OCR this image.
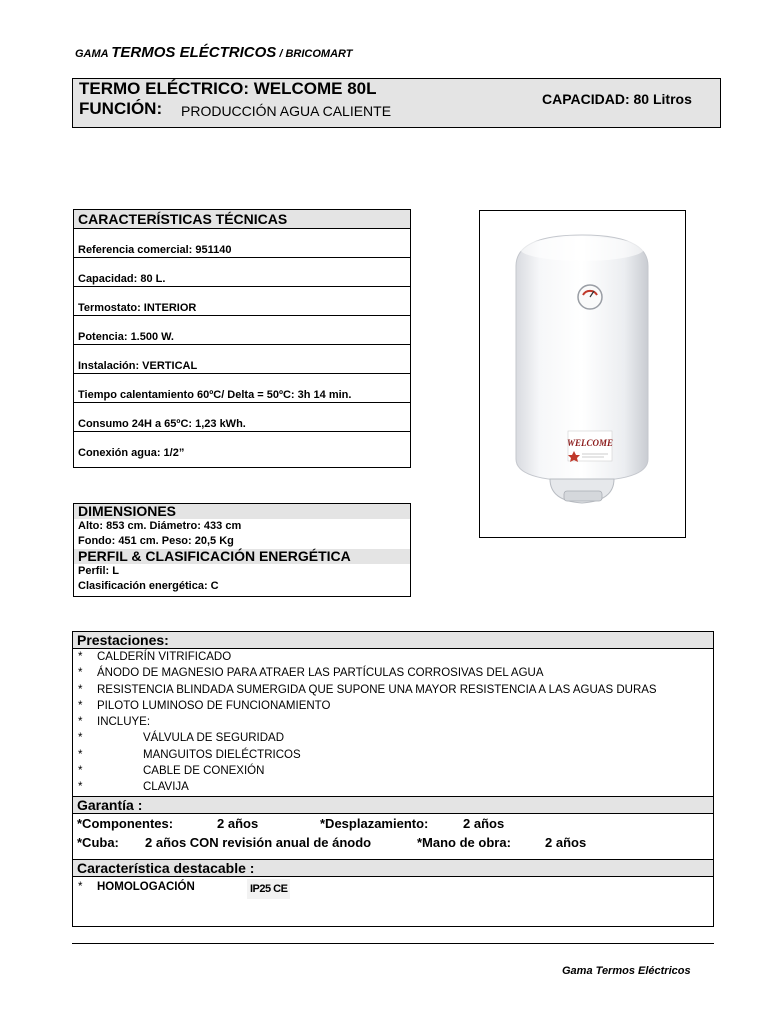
GAMA TERMOS ELÉCTRICOS / BRICOMART
TERMO ELÉCTRICO: WELCOME 80L
FUNCIÓN: PRODUCCIÓN AGUA CALIENTE
CAPACIDAD: 80 Litros
CARACTERÍSTICAS TÉCNICAS
Referencia comercial: 951140
Capacidad: 80 L.
Termostato: INTERIOR
Potencia: 1.500 W.
Instalación: VERTICAL
Tiempo calentamiento 60ºC/ Delta = 50ºC: 3h 14 min.
Consumo 24H a 65ºC: 1,23 kWh.
Conexión agua: 1/2”
DIMENSIONES
Alto: 853 cm. Diámetro: 433 cm
Fondo: 451 cm. Peso: 20,5 Kg
PERFIL & CLASIFICACIÓN ENERGÉTICA
Perfil: L
Clasificación energética: C
WELCOME
Prestaciones:
* CALDERÍN VITRIFICADO
* ÁNODO DE MAGNESIO PARA ATRAER LAS PARTÍCULAS CORROSIVAS DEL AGUA
* RESISTENCIA BLINDADA SUMERGIDA QUE SUPONE UNA MAYOR RESISTENCIA A LAS AGUAS DURAS
* PILOTO LUMINOSO DE FUNCIONAMIENTO
* INCLUYE:
*	VÁLVULA DE SEGURIDAD
*	MANGUITOS DIELÉCTRICOS
*	CABLE DE CONEXIÓN
*	CLAVIJA
Garantía :
*Componentes:	2 años	*Desplazamiento:	2 años
*Cuba: 2 años CON revisión anual de ánodo	*Mano de obra:	2 años
Característica destacable :
* HOMOLOGACIÓN	IP25 CE
Gama Termos Eléctricos
